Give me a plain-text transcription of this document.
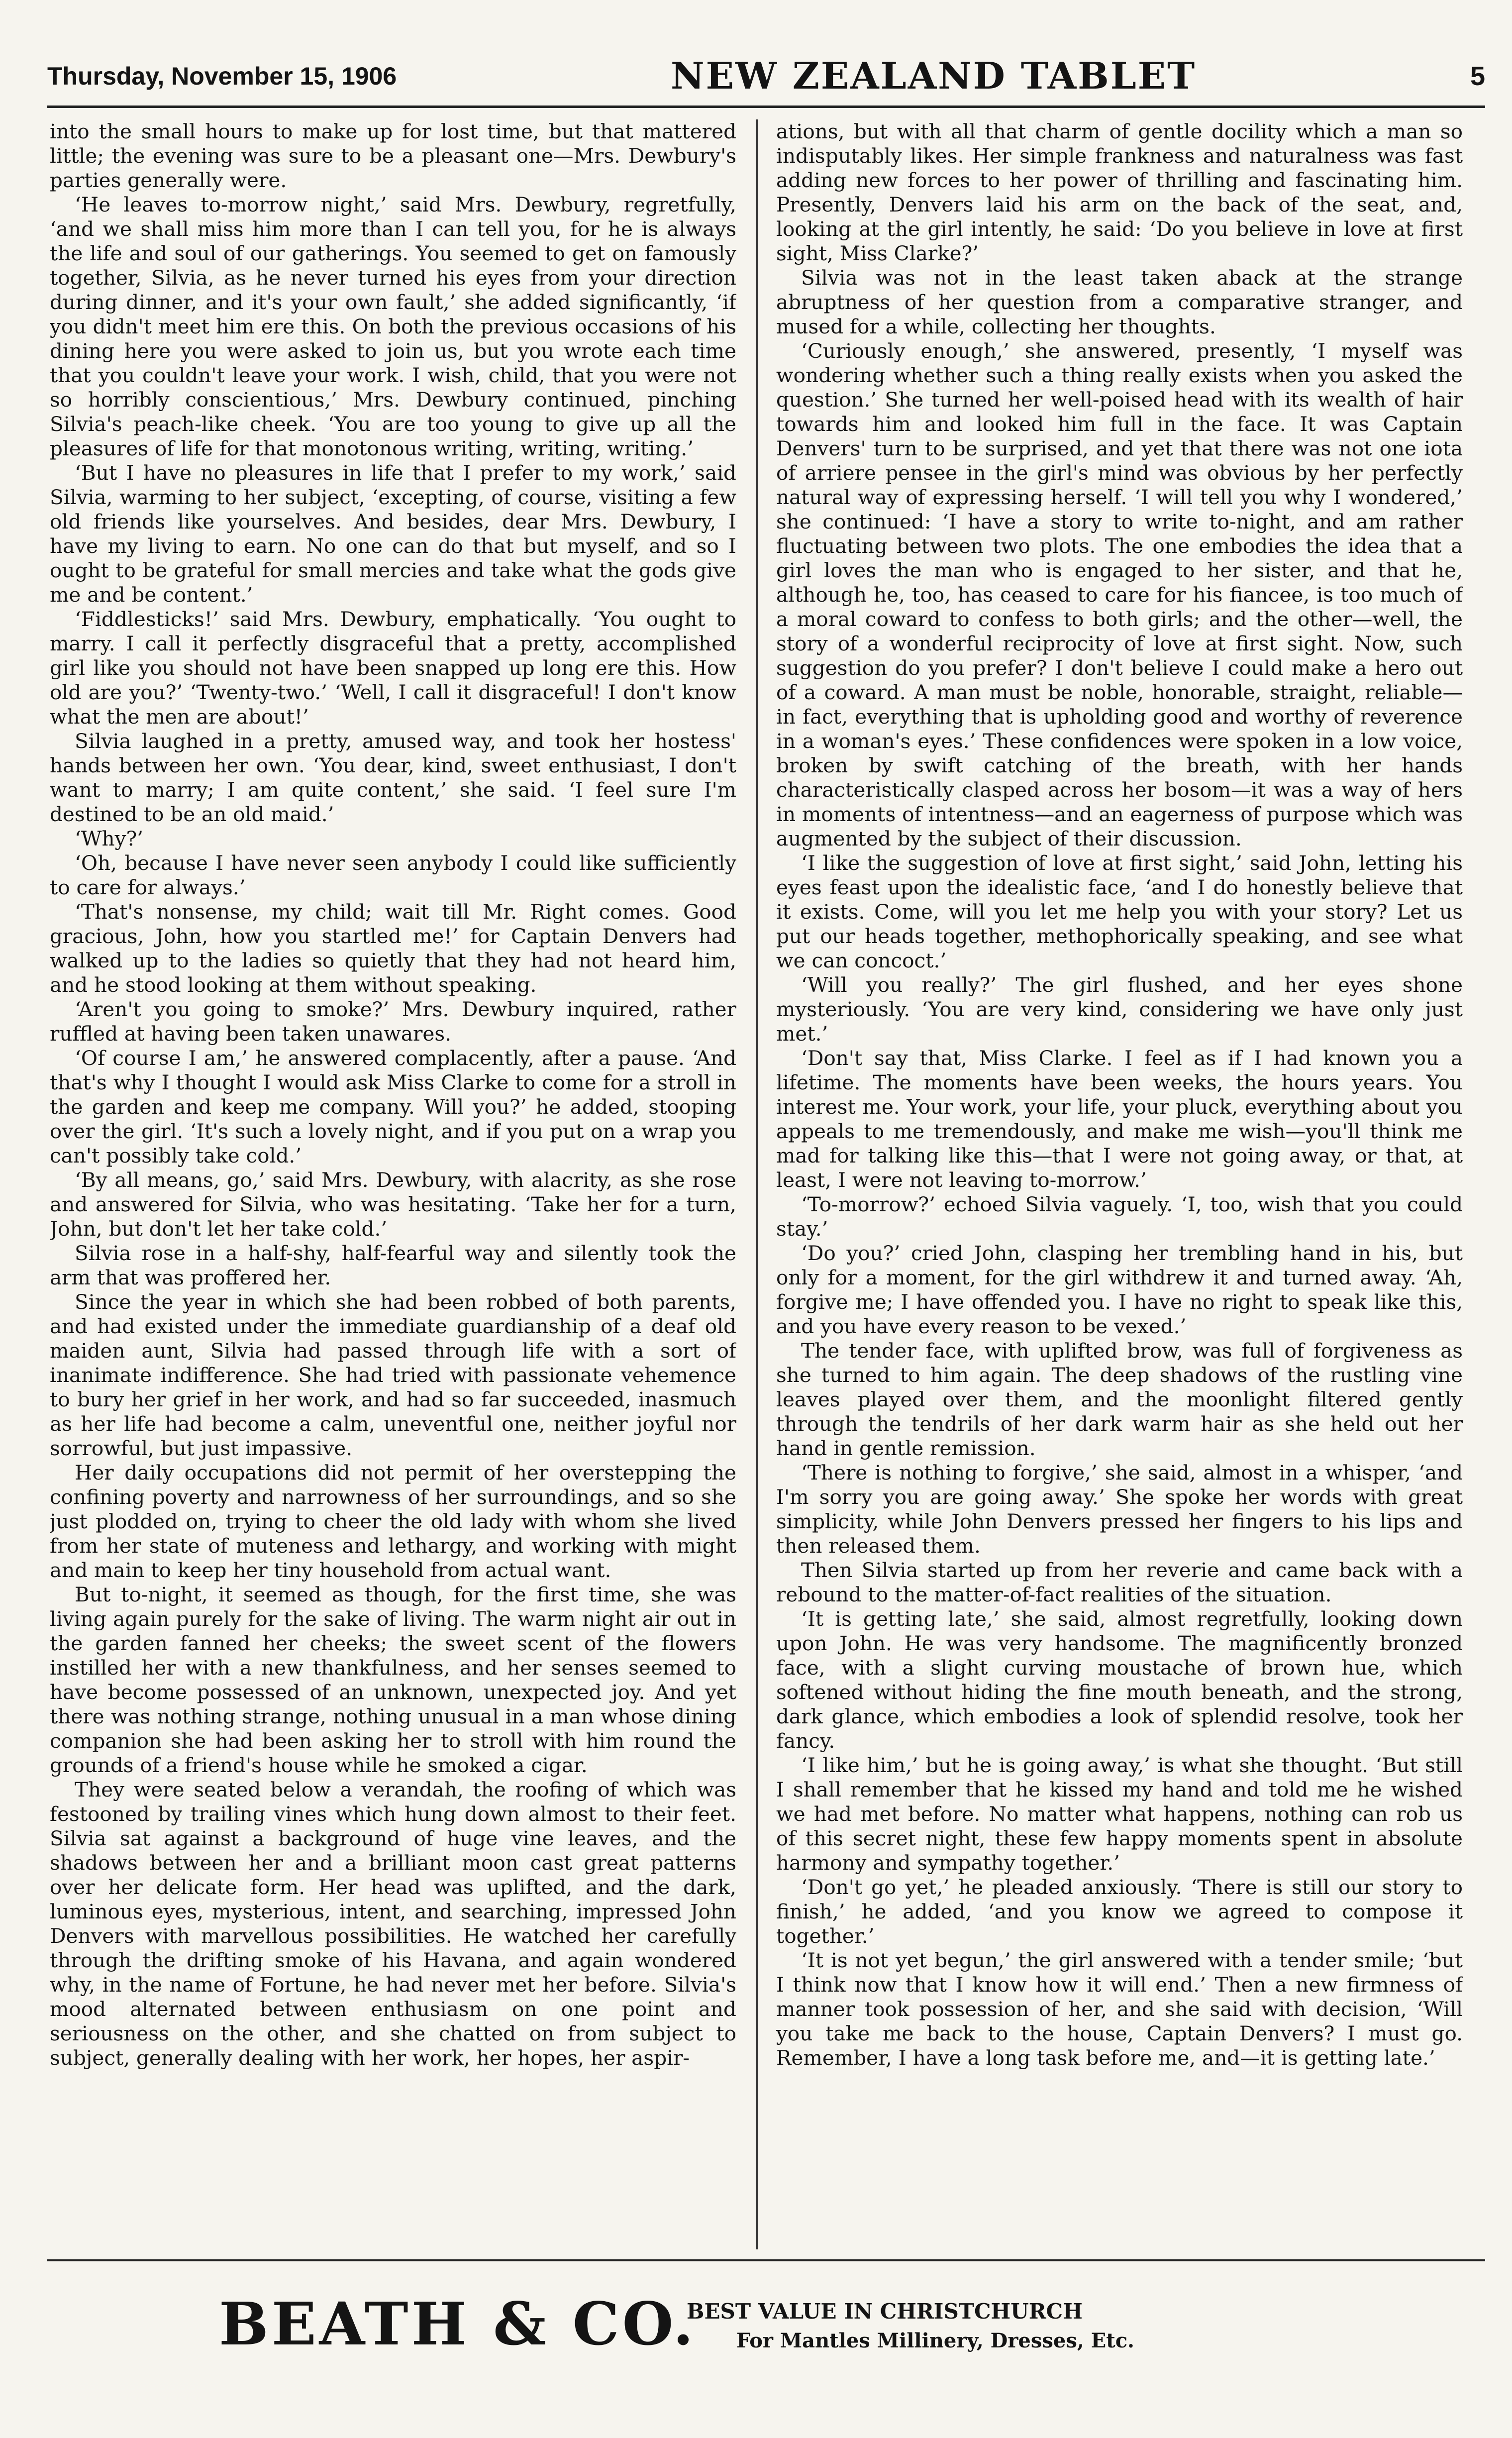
Thursday, November 15, 1906	NEW ZEALAND TABLET	5

into the small hours to make up for lost time, but that mattered little; the evening was sure to be a pleasant one—Mrs. Dewbury's parties generally were.

‘He leaves to-morrow night,’ said Mrs. Dewbury, regretfully, ‘and we shall miss him more than I can tell you, for he is always the life and soul of our gatherings. You seemed to get on famously together, Silvia, as he never turned his eyes from your direction during dinner, and it's your own fault,’ she added significantly, ‘if you didn't meet him ere this. On both the previous occasions of his dining here you were asked to join us, but you wrote each time that you couldn't leave your work. I wish, child, that you were not so horribly conscientious,’ Mrs. Dewbury continued, pinching Silvia's peach-like cheek. ‘You are too young to give up all the pleasures of life for that monotonous writing, writing, writing.’

‘But I have no pleasures in life that I prefer to my work,’ said Silvia, warming to her subject, ‘excepting, of course, visiting a few old friends like yourselves. And besides, dear Mrs. Dewbury, I have my living to earn. No one can do that but myself, and so I ought to be grateful for small mercies and take what the gods give me and be content.’

‘Fiddlesticks!’ said Mrs. Dewbury, emphatically. ‘You ought to marry. I call it perfectly disgraceful that a pretty, accomplished girl like you should not have been snapped up long ere this. How old are you?’ ‘Twenty-two.’ ‘Well, I call it disgraceful! I don't know what the men are about!’

Silvia laughed in a pretty, amused way, and took her hostess' hands between her own. ‘You dear, kind, sweet enthusiast, I don't want to marry; I am quite content,’ she said. ‘I feel sure I'm destined to be an old maid.’

‘Why?’

‘Oh, because I have never seen anybody I could like sufficiently to care for always.’

‘That's nonsense, my child; wait till Mr. Right comes. Good gracious, John, how you startled me!’ for Captain Denvers had walked up to the ladies so quietly that they had not heard him, and he stood looking at them without speaking.

‘Aren't you going to smoke?’ Mrs. Dewbury inquired, rather ruffled at having been taken unawares.

‘Of course I am,’ he answered complacently, after a pause. ‘And that's why I thought I would ask Miss Clarke to come for a stroll in the garden and keep me company. Will you?’ he added, stooping over the girl. ‘It's such a lovely night, and if you put on a wrap you can't possibly take cold.’

‘By all means, go,’ said Mrs. Dewbury, with alacrity, as she rose and answered for Silvia, who was hesitating. ‘Take her for a turn, John, but don't let her take cold.’

Silvia rose in a half-shy, half-fearful way and silently took the arm that was proffered her.

Since the year in which she had been robbed of both parents, and had existed under the immediate guardianship of a deaf old maiden aunt, Silvia had passed through life with a sort of inanimate indifference. She had tried with passionate vehemence to bury her grief in her work, and had so far succeeded, inasmuch as her life had become a calm, uneventful one, neither joyful nor sorrowful, but just impassive.

Her daily occupations did not permit of her overstepping the confining poverty and narrowness of her surroundings, and so she just plodded on, trying to cheer the old lady with whom she lived from her state of muteness and lethargy, and working with might and main to keep her tiny household from actual want.

But to-night, it seemed as though, for the first time, she was living again purely for the sake of living. The warm night air out in the garden fanned her cheeks; the sweet scent of the flowers instilled her with a new thankfulness, and her senses seemed to have become possessed of an unknown, unexpected joy. And yet there was nothing strange, nothing unusual in a man whose dining companion she had been asking her to stroll with him round the grounds of a friend's house while he smoked a cigar.

They were seated below a verandah, the roofing of which was festooned by trailing vines which hung down almost to their feet. Silvia sat against a background of huge vine leaves, and the shadows between her and a brilliant moon cast great patterns over her delicate form. Her head was uplifted, and the dark, luminous eyes, mysterious, intent, and searching, impressed John Denvers with marvellous possibilities. He watched her carefully through the drifting smoke of his Havana, and again wondered why, in the name of Fortune, he had never met her before. Silvia's mood alternated between enthusiasm on one point and seriousness on the other, and she chatted on from subject to subject, generally dealing with her work, her hopes, her aspir-

ations, but with all that charm of gentle docility which a man so indisputably likes. Her simple frankness and naturalness was fast adding new forces to her power of thrilling and fascinating him. Presently, Denvers laid his arm on the back of the seat, and, looking at the girl intently, he said: ‘Do you believe in love at first sight, Miss Clarke?’

Silvia was not in the least taken aback at the strange abruptness of her question from a comparative stranger, and mused for a while, collecting her thoughts.

‘Curiously enough,’ she answered, presently, ‘I myself was wondering whether such a thing really exists when you asked the question.’ She turned her well-poised head with its wealth of hair towards him and looked him full in the face. It was Captain Denvers' turn to be surprised, and yet that there was not one iota of arriere pensee in the girl's mind was obvious by her perfectly natural way of expressing herself. ‘I will tell you why I wondered,’ she continued: ‘I have a story to write to-night, and am rather fluctuating between two plots. The one embodies the idea that a girl loves the man who is engaged to her sister, and that he, although he, too, has ceased to care for his fiancee, is too much of a moral coward to confess to both girls; and the other—well, the story of a wonderful reciprocity of love at first sight. Now, such suggestion do you prefer? I don't believe I could make a hero out of a coward. A man must be noble, honorable, straight, reliable—in fact, everything that is upholding good and worthy of reverence in a woman's eyes.’ These confidences were spoken in a low voice, broken by swift catching of the breath, with her hands characteristically clasped across her bosom—it was a way of hers in moments of intentness—and an eagerness of purpose which was augmented by the subject of their discussion.

‘I like the suggestion of love at first sight,’ said John, letting his eyes feast upon the idealistic face, ‘and I do honestly believe that it exists. Come, will you let me help you with your story? Let us put our heads together, methophorically speaking, and see what we can concoct.’

‘Will you really?’ The girl flushed, and her eyes shone mysteriously. ‘You are very kind, considering we have only just met.’

‘Don't say that, Miss Clarke. I feel as if I had known you a lifetime. The moments have been weeks, the hours years. You interest me. Your work, your life, your pluck, everything about you appeals to me tremendously, and make me wish—you'll think me mad for talking like this—that I were not going away, or that, at least, I were not leaving to-morrow.’

‘To-morrow?’ echoed Silvia vaguely. ‘I, too, wish that you could stay.’

‘Do you?’ cried John, clasping her trembling hand in his, but only for a moment, for the girl withdrew it and turned away. ‘Ah, forgive me; I have offended you. I have no right to speak like this, and you have every reason to be vexed.’

The tender face, with uplifted brow, was full of forgiveness as she turned to him again. The deep shadows of the rustling vine leaves played over them, and the moonlight filtered gently through the tendrils of her dark warm hair as she held out her hand in gentle remission.

‘There is nothing to forgive,’ she said, almost in a whisper, ‘and I'm sorry you are going away.’ She spoke her words with great simplicity, while John Denvers pressed her fingers to his lips and then released them.

Then Silvia started up from her reverie and came back with a rebound to the matter-of-fact realities of the situation.

‘It is getting late,’ she said, almost regretfully, looking down upon John. He was very handsome. The magnificently bronzed face, with a slight curving moustache of brown hue, which softened without hiding the fine mouth beneath, and the strong, dark glance, which embodies a look of splendid resolve, took her fancy.

‘I like him,’ but he is going away,’ is what she thought. ‘But still I shall remember that he kissed my hand and told me he wished we had met before. No matter what happens, nothing can rob us of this secret night, these few happy moments spent in absolute harmony and sympathy together.’

‘Don't go yet,’ he pleaded anxiously. ‘There is still our story to finish,’ he added, ‘and you know we agreed to compose it together.’

‘It is not yet begun,’ the girl answered with a tender smile; ‘but I think now that I know how it will end.’ Then a new firmness of manner took possession of her, and she said with decision, ‘Will you take me back to the house, Captain Denvers? I must go. Remember, I have a long task before me, and—it is getting late.’

BEATH & CO.
BEST VALUE IN CHRISTCHURCH
For Mantles Millinery, Dresses, Etc.
